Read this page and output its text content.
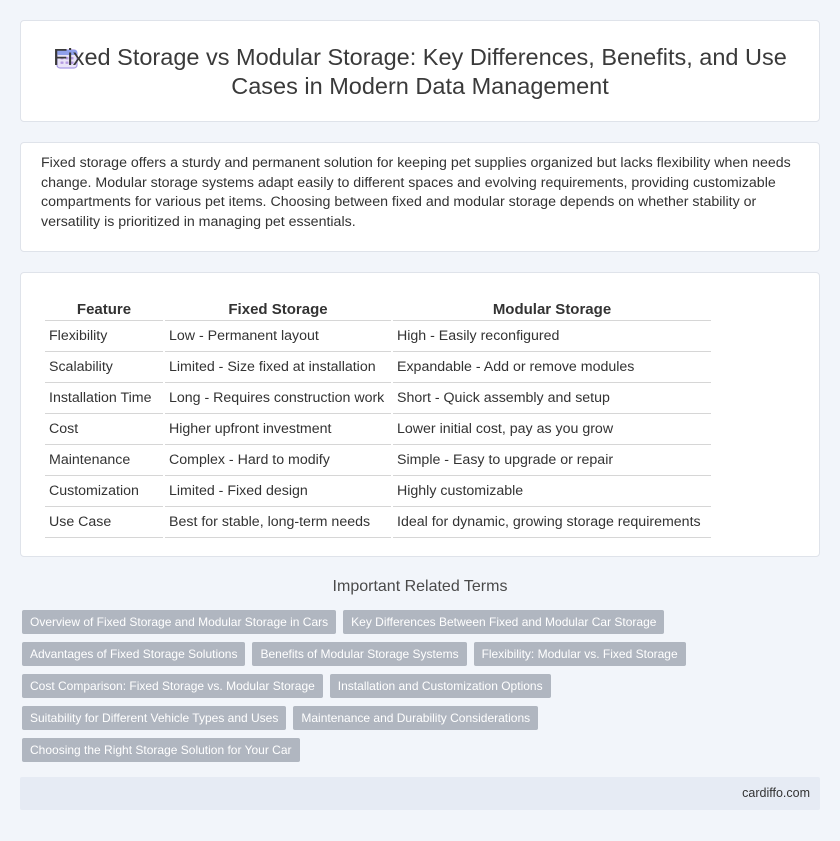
Fixed Storage vs Modular Storage: Key Differences, Benefits, and Use Cases in Modern Data Management

Fixed storage offers a sturdy and permanent solution for keeping pet supplies organized but lacks flexibility when needs change. Modular storage systems adapt easily to different spaces and evolving requirements, providing customizable compartments for various pet items. Choosing between fixed and modular storage depends on whether stability or versatility is prioritized in managing pet essentials.

Feature	Fixed Storage	Modular Storage
Flexibility	Low - Permanent layout	High - Easily reconfigured
Scalability	Limited - Size fixed at installation	Expandable - Add or remove modules
Installation Time	Long - Requires construction work	Short - Quick assembly and setup
Cost	Higher upfront investment	Lower initial cost, pay as you grow
Maintenance	Complex - Hard to modify	Simple - Easy to upgrade or repair
Customization	Limited - Fixed design	Highly customizable
Use Case	Best for stable, long-term needs	Ideal for dynamic, growing storage requirements
Important Related Terms
Overview of Fixed Storage and Modular Storage in Cars	Key Differences Between Fixed and Modular Car Storage
Advantages of Fixed Storage Solutions	Benefits of Modular Storage Systems	Flexibility: Modular vs. Fixed Storage
Cost Comparison: Fixed Storage vs. Modular Storage	Installation and Customization Options
Suitability for Different Vehicle Types and Uses	Maintenance and Durability Considerations
Choosing the Right Storage Solution for Your Car
cardiffo.com
